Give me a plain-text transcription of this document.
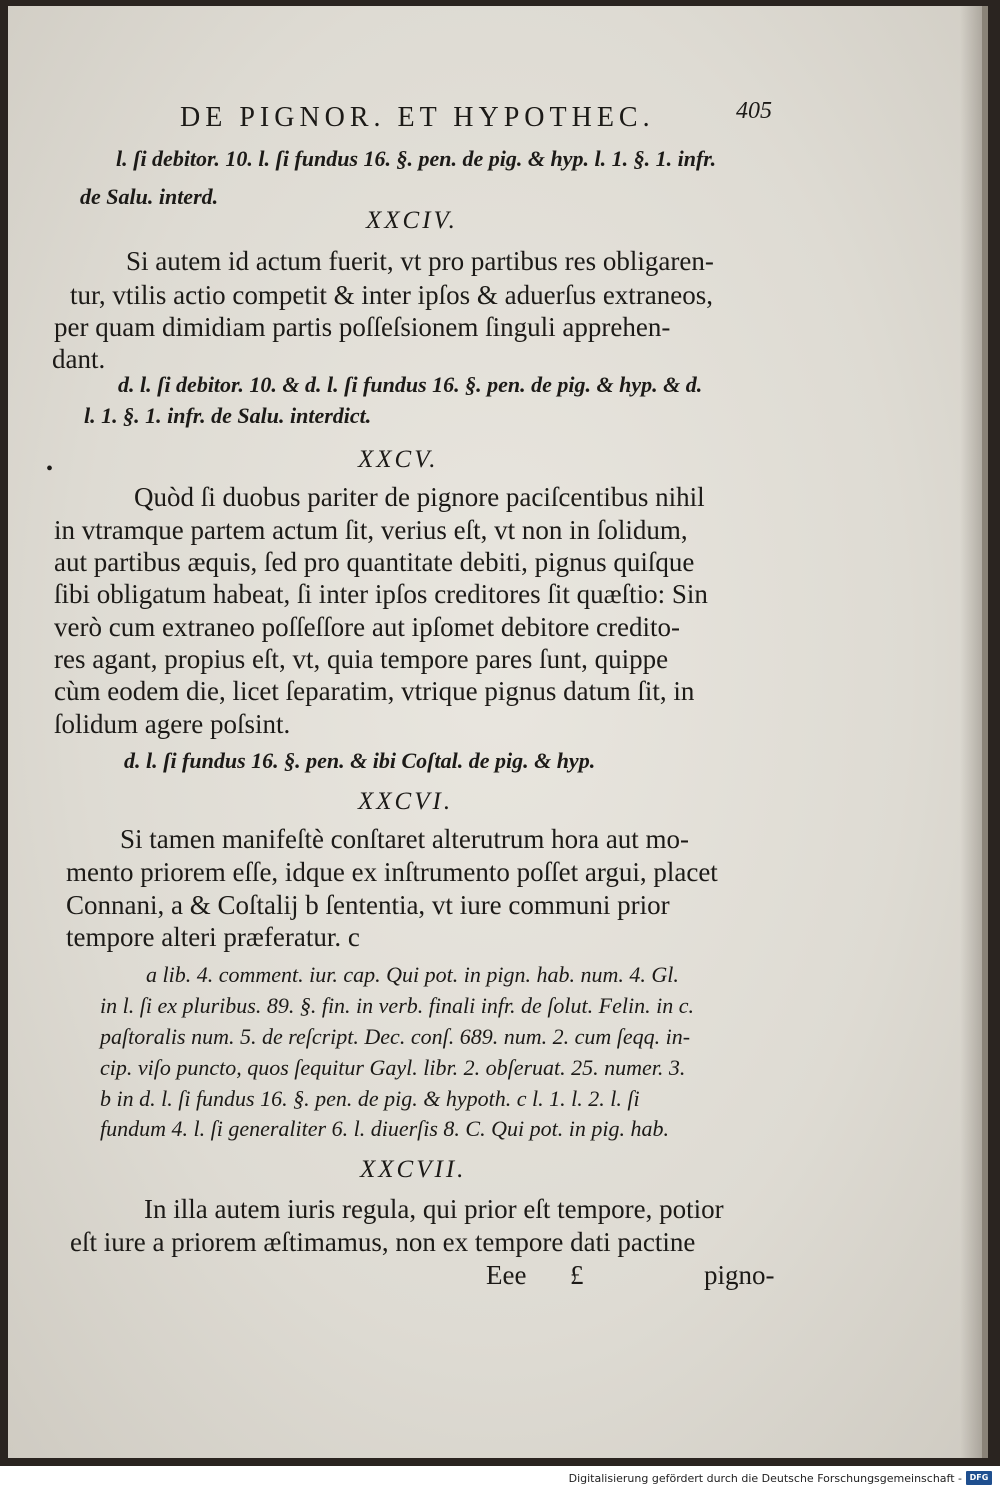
DE PIGNOR. ET HYPOTHEC.	405
•
l. ſi debitor. 10. l. ſi fundus 16. §. pen. de pig. & hyp. l. 1. §. 1. infr.
de Salu. interd.
XXCIV.
Si autem id actum fuerit, vt pro partibus res obligaren-
tur, vtilis actio competit & inter ipſos & aduerſus extraneos,
per quam dimidiam partis poſſeſsionem ſinguli apprehen-
dant.
d. l. ſi debitor. 10. & d. l. ſi fundus 16. §. pen. de pig. & hyp. & d.
l. 1. §. 1. infr. de Salu. interdict.
XXCV.
Quòd ſi duobus pariter de pignore paciſcentibus nihil
in vtramque partem actum ſit, verius eſt, vt non in ſolidum,
aut partibus æquis, ſed pro quantitate debiti, pignus quiſque
ſibi obligatum habeat, ſi inter ipſos creditores ſit quæſtio: Sin
verò cum extraneo poſſeſſore aut ipſomet debitore credito-
res agant, propius eſt, vt, quia tempore pares ſunt, quippe
cùm eodem die, licet ſeparatim, vtrique pignus datum ſit, in
ſolidum agere poſsint.
d. l. ſi fundus 16. §. pen. & ibi Coſtal. de pig. & hyp.
XXCVI.
Si tamen manifeſtè conſtaret alterutrum hora aut mo-
mento priorem eſſe, idque ex inſtrumento poſſet argui, placet
Connani, a & Coſtalij b ſententia, vt iure communi prior
tempore alteri præferatur. c
a lib. 4. comment. iur. cap. Qui pot. in pign. hab. num. 4. Gl.
in l. ſi ex pluribus. 89. §. fin. in verb. finali infr. de ſolut. Felin. in c.
paſtoralis num. 5. de reſcript. Dec. conſ. 689. num. 2. cum ſeqq. in-
cip. viſo puncto, quos ſequitur Gayl. libr. 2. obſeruat. 25. numer. 3.
b in d. l. ſi fundus 16. §. pen. de pig. & hypoth. c l. 1. l. 2. l. ſi
fundum 4. l. ſi generaliter 6. l. diuerſis 8. C. Qui pot. in pig. hab.
XXCVII.
In illa autem iuris regula, qui prior eſt tempore, potior
eſt iure a priorem æſtimamus, non ex tempore dati pactine
Eee £	pigno-
Digitalisierung gefördert durch die Deutsche Forschungsgemeinschaft - DFG
